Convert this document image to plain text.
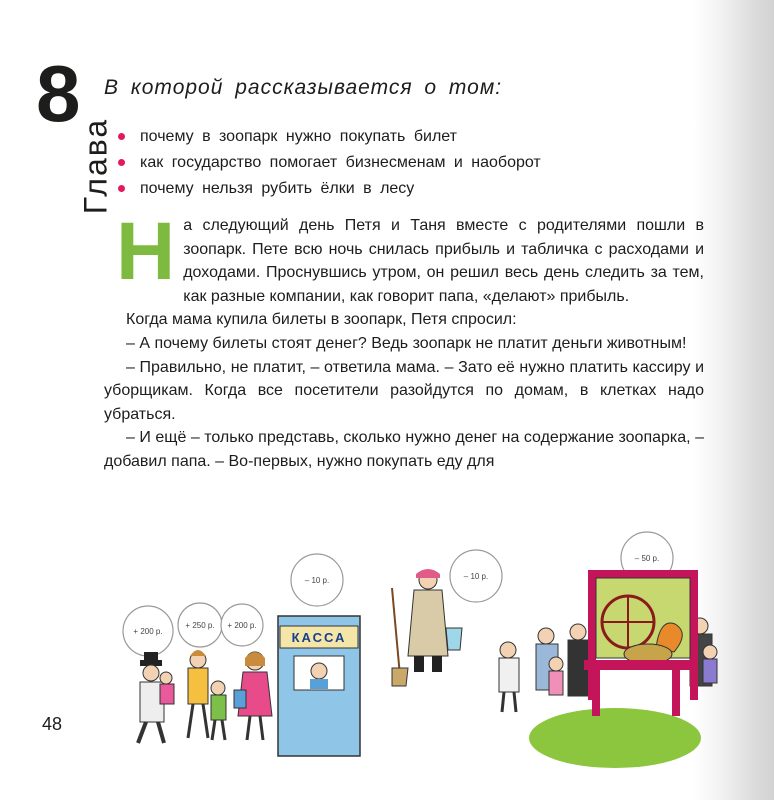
8
Глава

В которой рассказывается о том:

почему в зоопарк нужно покупать билет
как государство помогает бизнесменам и наоборот
почему нельзя рубить ёлки в лесу

На следующий день Петя и Таня вместе с родителями пошли в зоопарк. Пете всю ночь снилась прибыль и табличка с расходами и доходами. Проснувшись утром, он решил весь день следить за тем, как разные компании, как говорит папа, «делают» прибыль.

Когда мама купила билеты в зоопарк, Петя спросил:

– А почему билеты стоят денег? Ведь зоопарк не платит деньги животным!

– Правильно, не платит, – ответила мама. – Зато её нужно платить кассиру и уборщикам. Когда все посетители разойдутся по домам, в клетках надо убраться.

– И ещё – только представь, сколько нужно денег на содержание зоопарка, – добавил папа. – Во-первых, нужно покупать еду для

– 10 р.	– 10 р.
– 50 р.
+ 200 р.
+ 250 р. + 200 р.
КАССА

48
